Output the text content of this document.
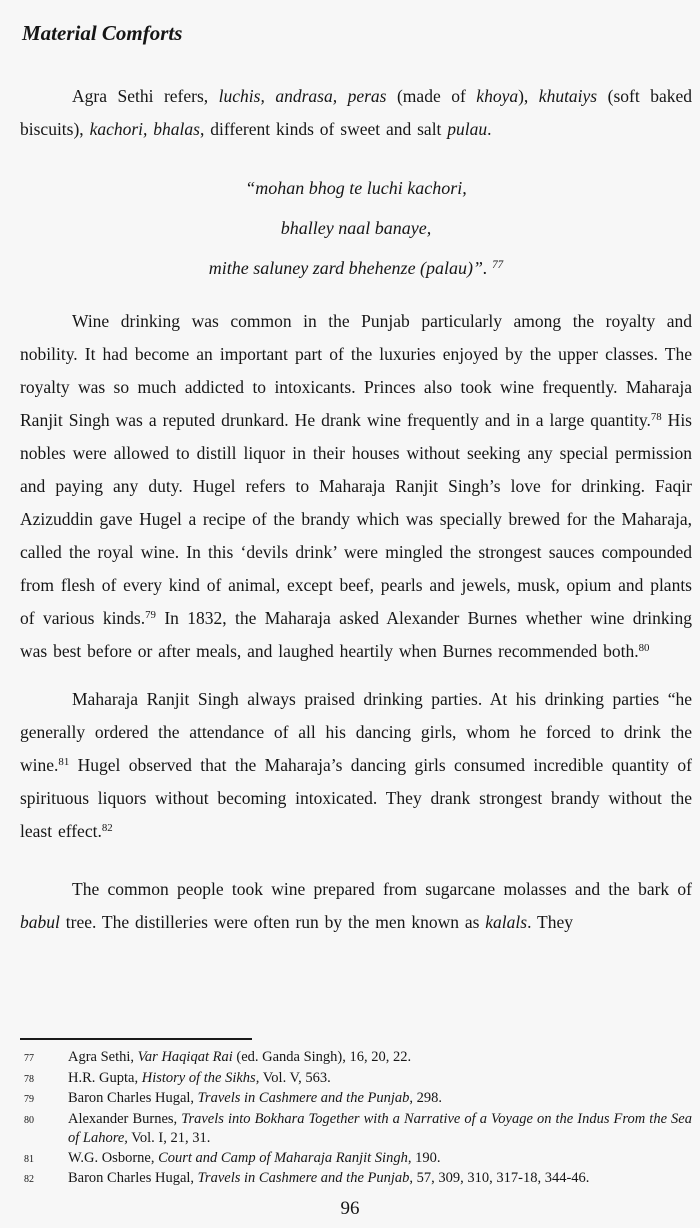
Material Comforts

Agra Sethi refers, luchis, andrasa, peras (made of khoya), khutaiys (soft baked biscuits), kachori, bhalas, different kinds of sweet and salt pulau.

“mohan bhog te luchi kachori,
bhalley naal banaye,
mithe saluney zard bhehenze (palau)”. $^{77}$

Wine drinking was common in the Punjab particularly among the royalty and nobility. It had become an important part of the luxuries enjoyed by the upper classes. The royalty was so much addicted to intoxicants. Princes also took wine frequently. Maharaja Ranjit Singh was a reputed drunkard. He drank wine frequently and in a large quantity.$^{78}$ His nobles were allowed to distill liquor in their houses without seeking any special permission and paying any duty. Hugel refers to Maharaja Ranjit Singh’s love for drinking. Faqir Azizuddin gave Hugel a recipe of the brandy which was specially brewed for the Maharaja, called the royal wine. In this ‘devils drink’ were mingled the strongest sauces compounded from flesh of every kind of animal, except beef, pearls and jewels, musk, opium and plants of various kinds.$^{79}$ In 1832, the Maharaja asked Alexander Burnes whether wine drinking was best before or after meals, and laughed heartily when Burnes recommended both.$^{80}$

Maharaja Ranjit Singh always praised drinking parties. At his drinking parties “he generally ordered the attendance of all his dancing girls, whom he forced to drink the wine.$^{81}$ Hugel observed that the Maharaja’s dancing girls consumed incredible quantity of spirituous liquors without becoming intoxicated. They drank strongest brandy without the least effect.$^{82}$

The common people took wine prepared from sugarcane molasses and the bark of babul tree. The distilleries were often run by the men known as kalals. They

77	Agra Sethi, Var Haqiqat Rai (ed. Ganda Singh), 16, 20, 22.
78	H.R. Gupta, History of the Sikhs, Vol. V, 563.
79	Baron Charles Hugal, Travels in Cashmere and the Punjab, 298.
80	Alexander Burnes, Travels into Bokhara Together with a Narrative of a Voyage on the Indus From the Sea of Lahore, Vol. I, 21, 31.
81	W.G. Osborne, Court and Camp of Maharaja Ranjit Singh, 190.
82	Baron Charles Hugal, Travels in Cashmere and the Punjab, 57, 309, 310, 317-18, 344-46.
96
